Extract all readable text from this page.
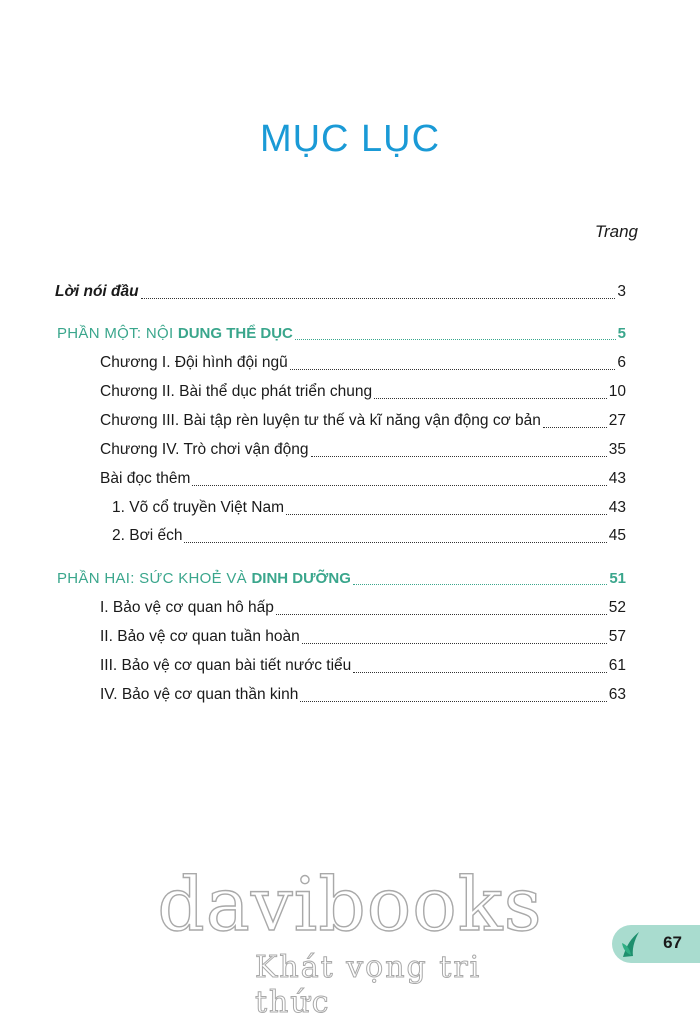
MỤC LỤC
Trang
Lời nói đầu	3
PHẦN MỘT: NỘI DUNG THỂ DỤC	5
Chương I. Đội hình đội ngũ	6
Chương II. Bài thể dục phát triển chung	10
Chương III. Bài tập rèn luyện tư thế và kĩ năng vận động cơ bản	27
Chương IV. Trò chơi vận động	35
Bài đọc thêm	43
1. Võ cổ truyền Việt Nam	43
2. Bơi ếch	45
PHẦN HAI: SỨC KHOẺ VÀ DINH DƯỠNG	51
I. Bảo vệ cơ quan hô hấp	52
II. Bảo vệ cơ quan tuần hoàn	57
III. Bảo vệ cơ quan bài tiết nước tiểu	61
IV. Bảo vệ cơ quan thần kinh	63
davibooks
Khát vọng tri thức
67
